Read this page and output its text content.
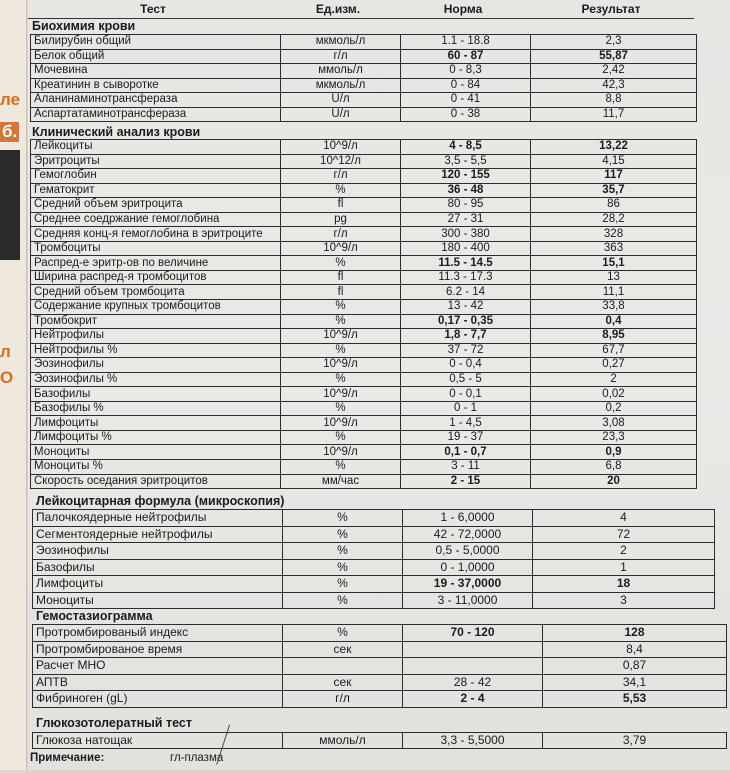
ле
б.
л
О
Тест	Ед.изм.	Норма	Результат
Биохимия крови
Билирубин общий	мкмоль/л	1.1 - 18.8	2,3
Белок общий	г/л	60 - 87	55,87
Мочевина	ммоль/л	0 - 8,3	2,42
Креатинин в сыворотке	мкмоль/л	0 - 84	42,3
Аланинаминотрансфераза	U/л	0 - 41	8,8
Аспартатаминотрансфераза	U/л	0 - 38	11,7
Клинический анализ крови
Лейкоциты	10^9/л	4 - 8,5	13,22
Эритроциты	10^12/л	3,5 - 5,5	4,15
Гемоглобин	г/л	120 - 155	117
Гематокрит	%	36 - 48	35,7
Средний объем эритроцита	fl	80 - 95	86
Среднее соедржание гемоглобина	pg	27 - 31	28,2
Средняя конц-я гемоглобина в эритроците	г/л	300 - 380	328
Тромбоциты	10^9/л	180 - 400	363
Распред-е эритр-ов по величине	%	11.5 - 14.5	15,1
Ширина распред-я тромбоцитов	fl	11.3 - 17.3	13
Средний объем тромбоцита	fl	6.2 - 14	11,1
Содержание крупных тромбоцитов	%	13 - 42	33,8
Тромбокрит	%	0,17 - 0,35	0,4
Нейтрофилы	10^9/л	1,8 - 7,7	8,95
Нейтрофилы %	%	37 - 72	67,7
Эозинофилы	10^9/л	0 - 0,4	0,27
Эозинофилы %	%	0,5 - 5	2
Базофилы	10^9/л	0 - 0,1	0,02
Базофилы %	%	0 - 1	0,2
Лимфоциты	10^9/л	1 - 4,5	3,08
Лимфоциты %	%	19 - 37	23,3
Моноциты	10^9/л	0,1 - 0,7	0,9
Моноциты %	%	3 - 11	6,8
Скорость оседания эритроцитов	мм/час	2 - 15	20
Лейкоцитарная формула (микроскопия)
Палочкоядерные нейтрофилы	%	1 - 6,0000	4
Сегментоядерные нейтрофилы	%	42 - 72,0000	72
Эозинофилы	%	0,5 - 5,0000	2
Базофилы	%	0 - 1,0000	1
Лимфоциты	%	19 - 37,0000	18
Моноциты	%	3 - 11,0000	3
Гемостазиограмма
Протромбированый индекс	%	70 - 120	128
Протромбированое время	сек		8,4
Расчет МНО			0,87
АПТВ	сек	28 - 42	34,1
Фибриноген (gL)	г/л	2 - 4	5,53
Глюкозотолератный тест
Глюкоза натощак	ммоль/л	3,3 - 5,5000	3,79
Примечание:	гл-плазма
